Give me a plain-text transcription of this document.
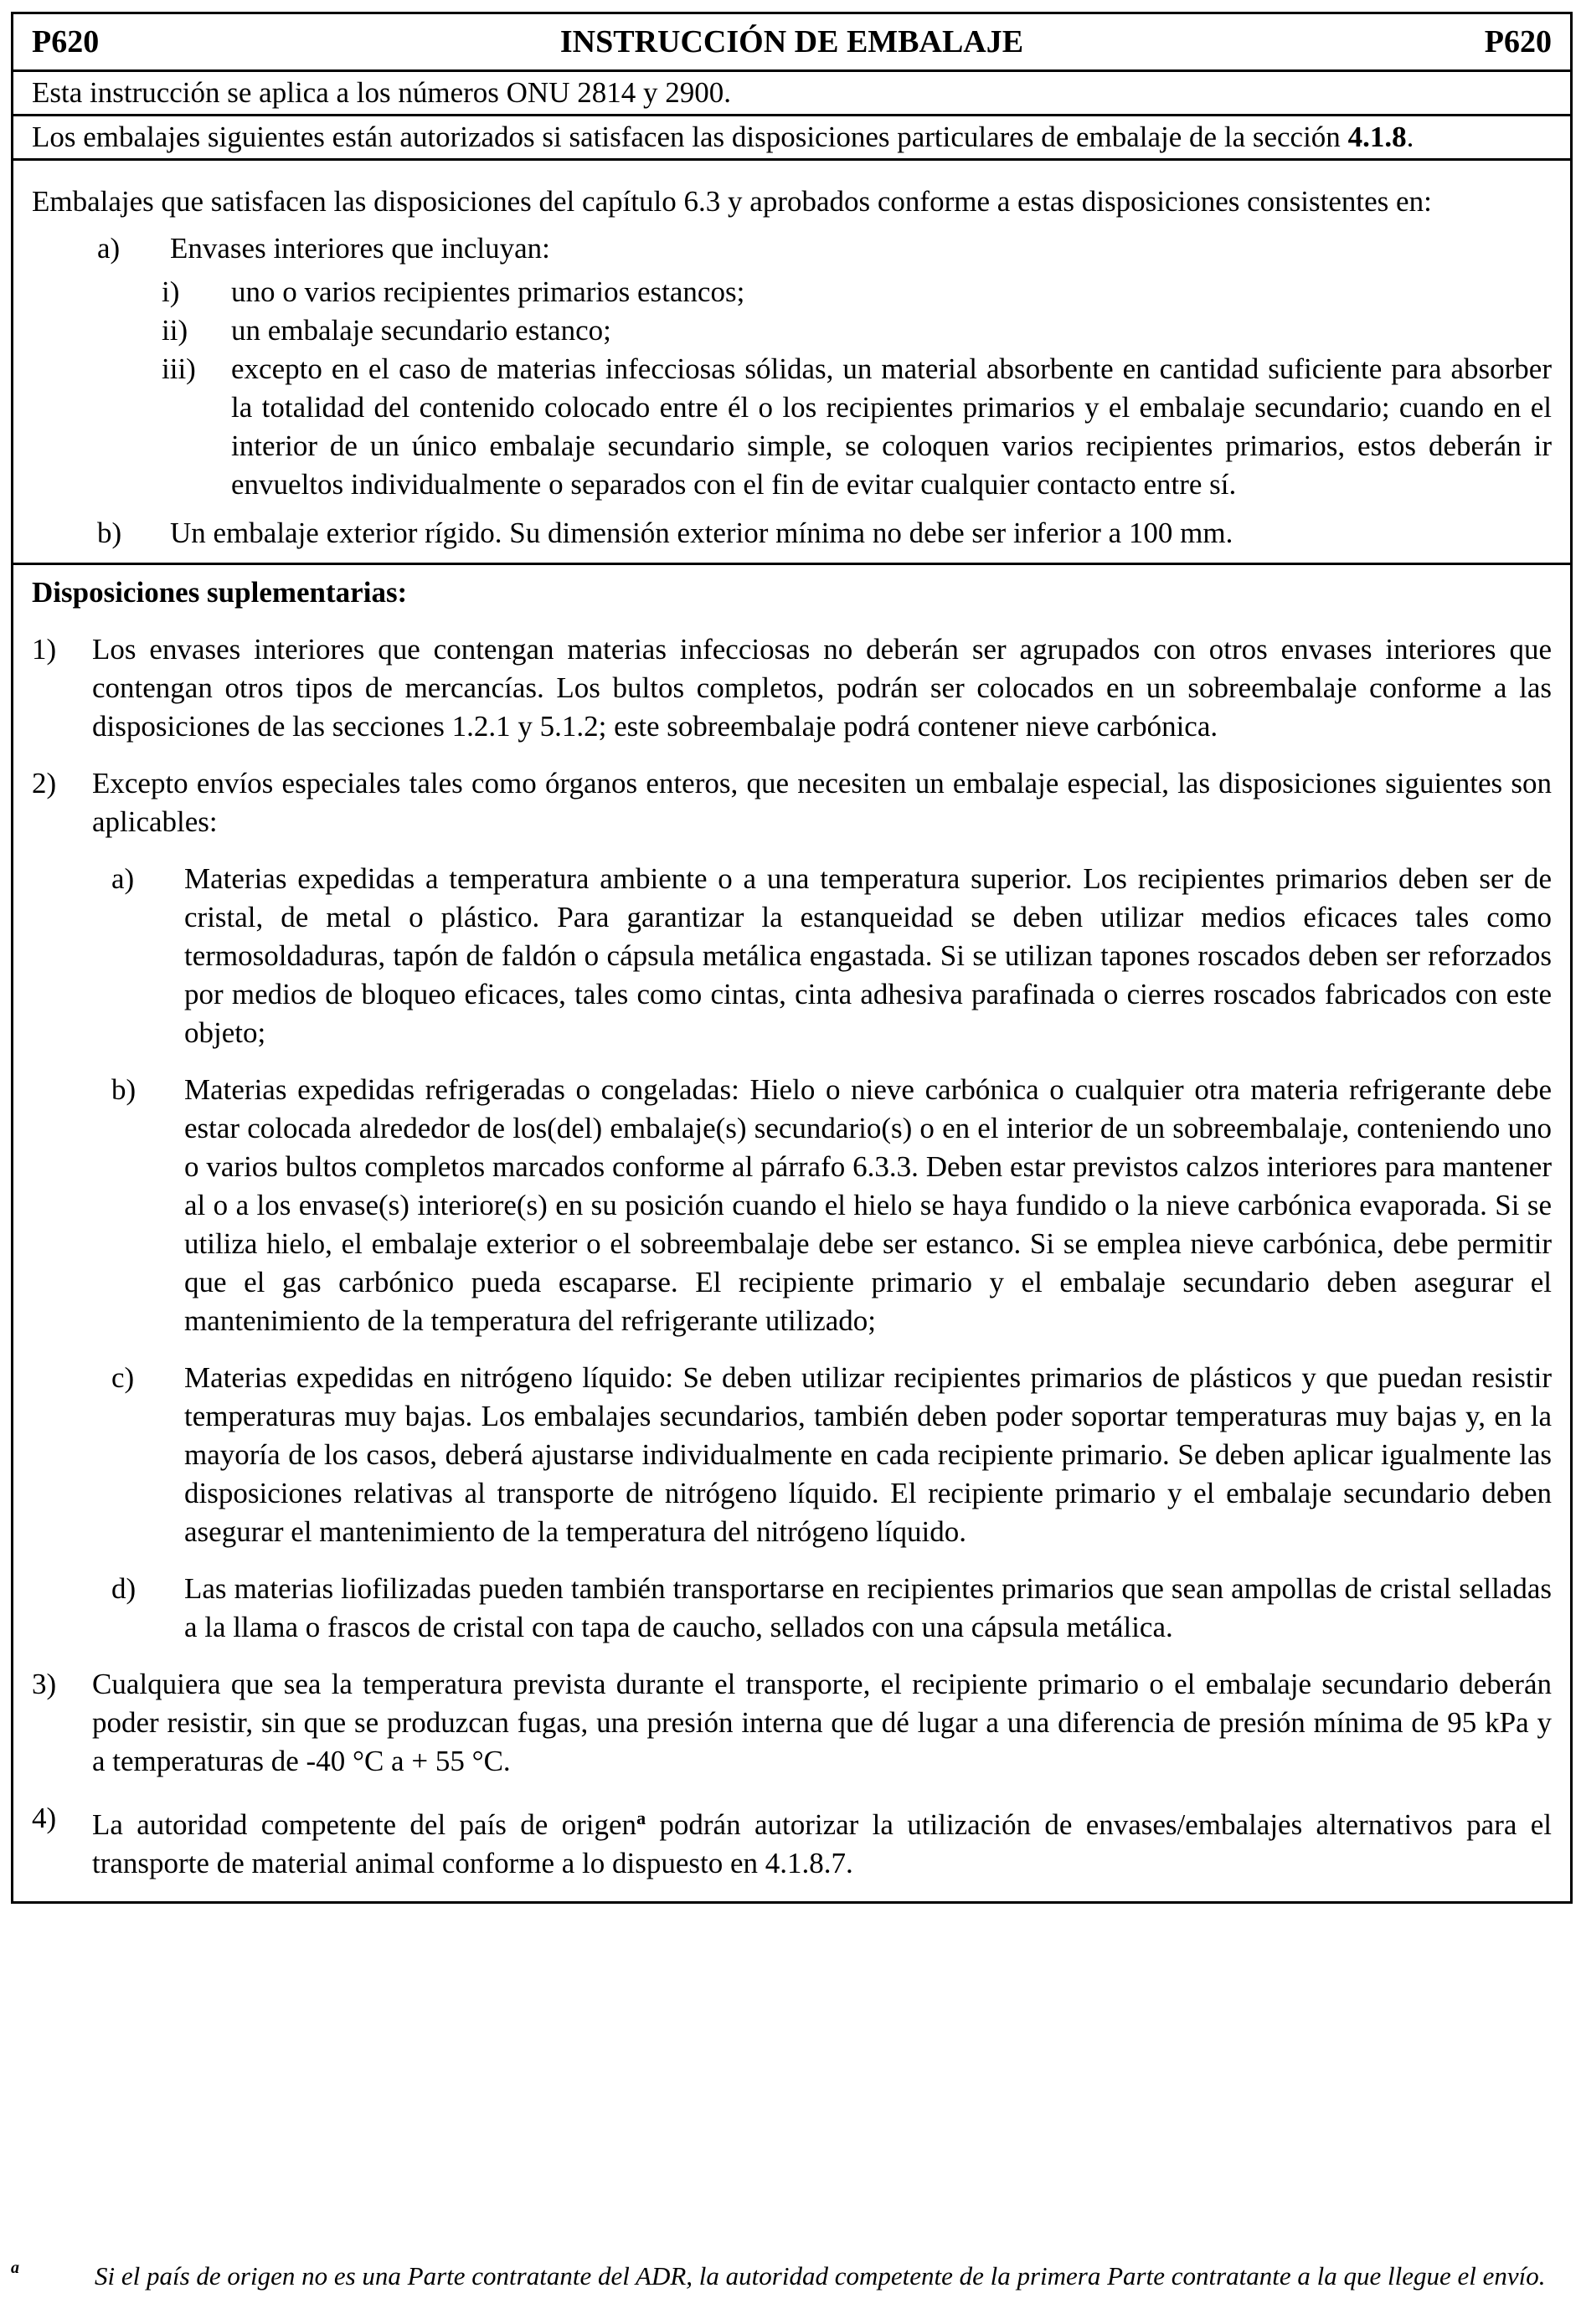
P620	INSTRUCCIÓN DE EMBALAJE	P620

Esta instrucción se aplica a los números ONU 2814 y 2900.

Los embalajes siguientes están autorizados si satisfacen las disposiciones particulares de embalaje de la sección 4.1.8.

Embalajes que satisfacen las disposiciones del capítulo 6.3 y aprobados conforme a estas disposiciones consistentes en:

a)	Envases interiores que incluyan:
i)	uno o varios recipientes primarios estancos;
ii)	un embalaje secundario estanco;
iii)	excepto en el caso de materias infecciosas sólidas, un material absorbente en cantidad suficiente para absorber la totalidad del contenido colocado entre él o los recipientes primarios y el embalaje secundario; cuando en el interior de un único embalaje secundario simple, se coloquen varios recipientes primarios, estos deberán ir envueltos individualmente o separados con el fin de evitar cualquier contacto entre sí.
b)	Un embalaje exterior rígido. Su dimensión exterior mínima no debe ser inferior a 100 mm.

Disposiciones suplementarias:

1)	Los envases interiores que contengan materias infecciosas no deberán ser agrupados con otros envases interiores que contengan otros tipos de mercancías. Los bultos completos, podrán ser colocados en un sobreembalaje conforme a las disposiciones de las secciones 1.2.1 y 5.1.2; este sobreembalaje podrá contener nieve carbónica.
2)	Excepto envíos especiales tales como órganos enteros, que necesiten un embalaje especial, las disposiciones siguientes son aplicables:
a)	Materias expedidas a temperatura ambiente o a una temperatura superior. Los recipientes primarios deben ser de cristal, de metal o plástico. Para garantizar la estanqueidad se deben utilizar medios eficaces tales como termosoldaduras, tapón de faldón o cápsula metálica engastada. Si se utilizan tapones roscados deben ser reforzados por medios de bloqueo eficaces, tales como cintas, cinta adhesiva parafinada o cierres roscados fabricados con este objeto;
b)	Materias expedidas refrigeradas o congeladas: Hielo o nieve carbónica o cualquier otra materia refrigerante debe estar colocada alrededor de los(del) embalaje(s) secundario(s) o en el interior de un sobreembalaje, conteniendo uno o varios bultos completos marcados conforme al párrafo 6.3.3. Deben estar previstos calzos interiores para mantener al o a los envase(s) interiore(s) en su posición cuando el hielo se haya fundido o la nieve carbónica evaporada. Si se utiliza hielo, el embalaje exterior o el sobreembalaje debe ser estanco. Si se emplea nieve carbónica, debe permitir que el gas carbónico pueda escaparse. El recipiente primario y el embalaje secundario deben asegurar el mantenimiento de la temperatura del refrigerante utilizado;
c)	Materias expedidas en nitrógeno líquido: Se deben utilizar recipientes primarios de plásticos y que puedan resistir temperaturas muy bajas. Los embalajes secundarios, también deben poder soportar temperaturas muy bajas y, en la mayoría de los casos, deberá ajustarse individualmente en cada recipiente primario. Se deben aplicar igualmente las disposiciones relativas al transporte de nitrógeno líquido. El recipiente primario y el embalaje secundario deben asegurar el mantenimiento de la temperatura del nitrógeno líquido.
d)	Las materias liofilizadas pueden también transportarse en recipientes primarios que sean ampollas de cristal selladas a la llama o frascos de cristal con tapa de caucho, sellados con una cápsula metálica.
3)	Cualquiera que sea la temperatura prevista durante el transporte, el recipiente primario o el embalaje secundario deberán poder resistir, sin que se produzcan fugas, una presión interna que dé lugar a una diferencia de presión mínima de 95 kPa y a temperaturas de -40 °C a + 55 °C.
4)	La autoridad competente del país de origen$^a$ podrán autorizar la utilización de envases/embalajes alternativos para el transporte de material animal conforme a lo dispuesto en 4.1.8.7.
$^a$	Si el país de origen no es una Parte contratante del ADR, la autoridad competente de la primera Parte contratante a la que llegue el envío.
